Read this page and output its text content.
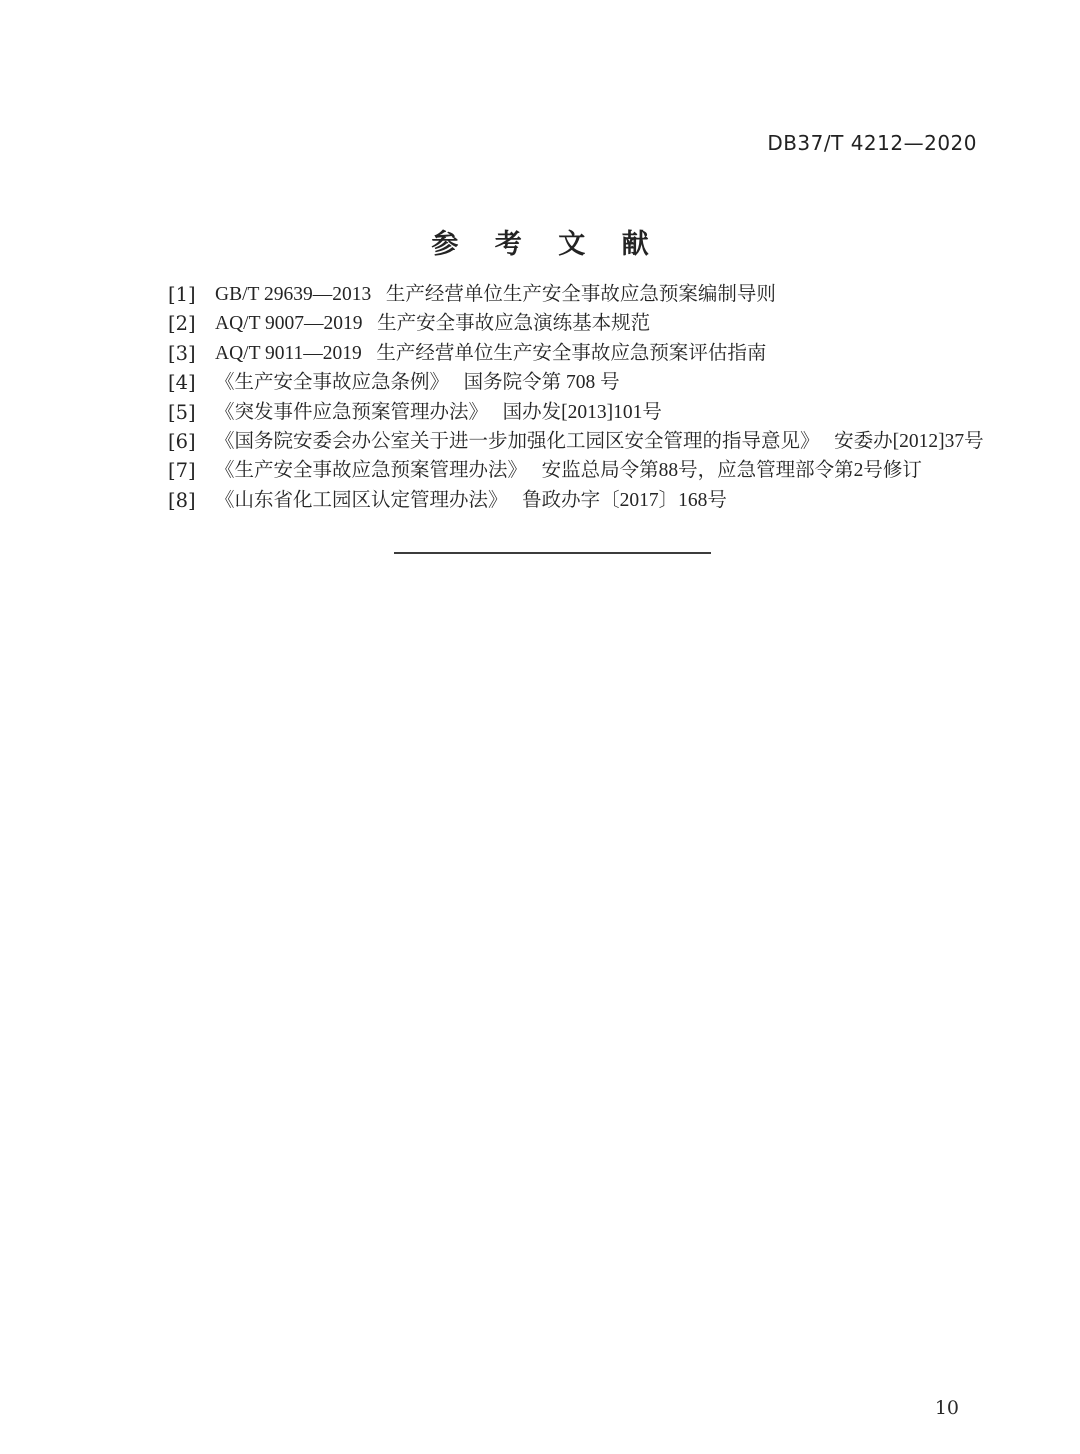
DB37/T 4212—2020
参 考 文 献
[1] GB/T 29639—2013   生产经营单位生产安全事故应急预案编制导则
[2] AQ/T 9007—2019   生产安全事故应急演练基本规范
[3] AQ/T 9011—2019   生产经营单位生产安全事故应急预案评估指南
[4] 《生产安全事故应急条例》   国务院令第 708 号
[5] 《突发事件应急预案管理办法》   国办发[2013]101号
[6] 《国务院安委会办公室关于进一步加强化工园区安全管理的指导意见》   安委办[2012]37号
[7] 《生产安全事故应急预案管理办法》   安监总局令第88号，应急管理部令第2号修订
[8] 《山东省化工园区认定管理办法》   鲁政办字〔2017〕168号
10
